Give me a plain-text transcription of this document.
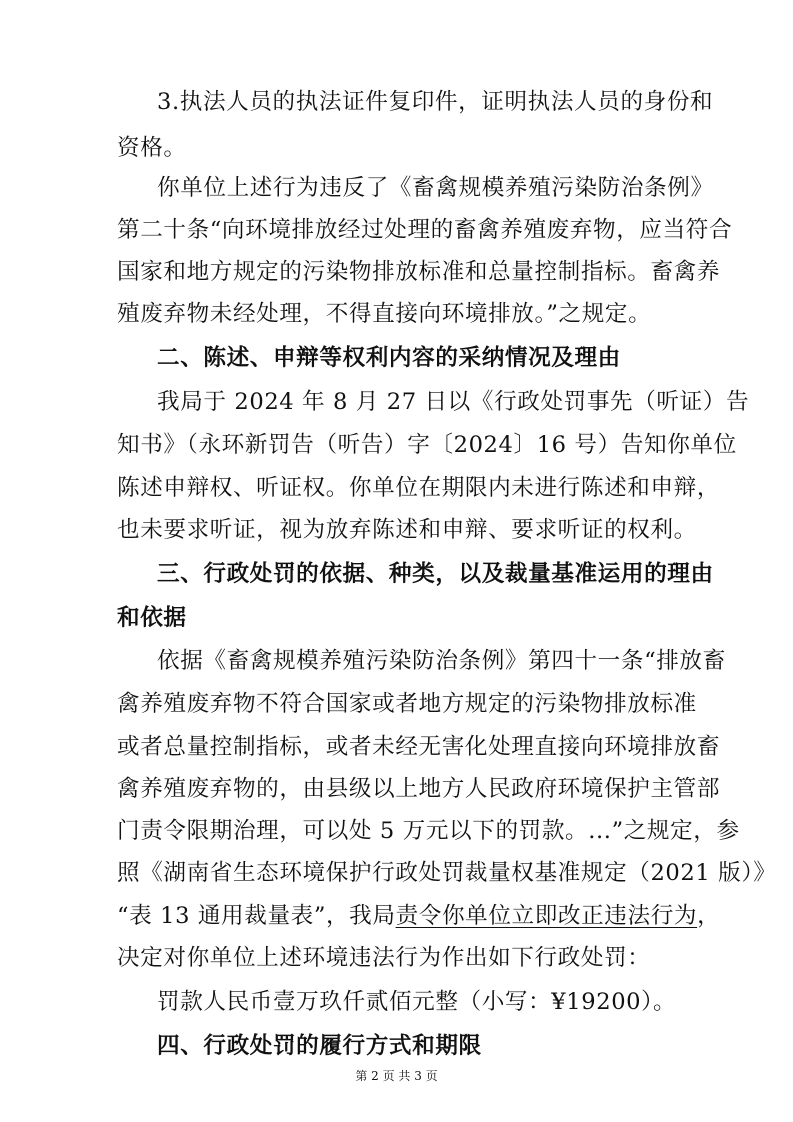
3.执法人员的执法证件复印件，证明执法人员的身份和
资格。
你单位上述行为违反了《畜禽规模养殖污染防治条例》
第二十条“向环境排放经过处理的畜禽养殖废弃物，应当符合
国家和地方规定的污染物排放标准和总量控制指标。畜禽养
殖废弃物未经处理，不得直接向环境排放。”之规定。
二、陈述、申辩等权利内容的采纳情况及理由
我局于 2024 年 8 月 27 日以《行政处罚事先（听证）告
知书》（永环新罚告（听告）字〔2024〕16 号）告知你单位
陈述申辩权、听证权。你单位在期限内未进行陈述和申辩，
也未要求听证，视为放弃陈述和申辩、要求听证的权利。
三、行政处罚的依据、种类，以及裁量基准运用的理由
和依据
依据《畜禽规模养殖污染防治条例》第四十一条“排放畜
禽养殖废弃物不符合国家或者地方规定的污染物排放标准
或者总量控制指标，或者未经无害化处理直接向环境排放畜
禽养殖废弃物的，由县级以上地方人民政府环境保护主管部
门责令限期治理，可以处 5 万元以下的罚款。...”之规定，参
照《湖南省生态环境保护行政处罚裁量权基准规定（2021 版）》
“表 13 通用裁量表”，我局责令你单位立即改正违法行为，
决定对你单位上述环境违法行为作出如下行政处罚：
罚款人民币壹万玖仟贰佰元整（小写：¥19200）。
四、行政处罚的履行方式和期限
第 2 页 共 3 页
